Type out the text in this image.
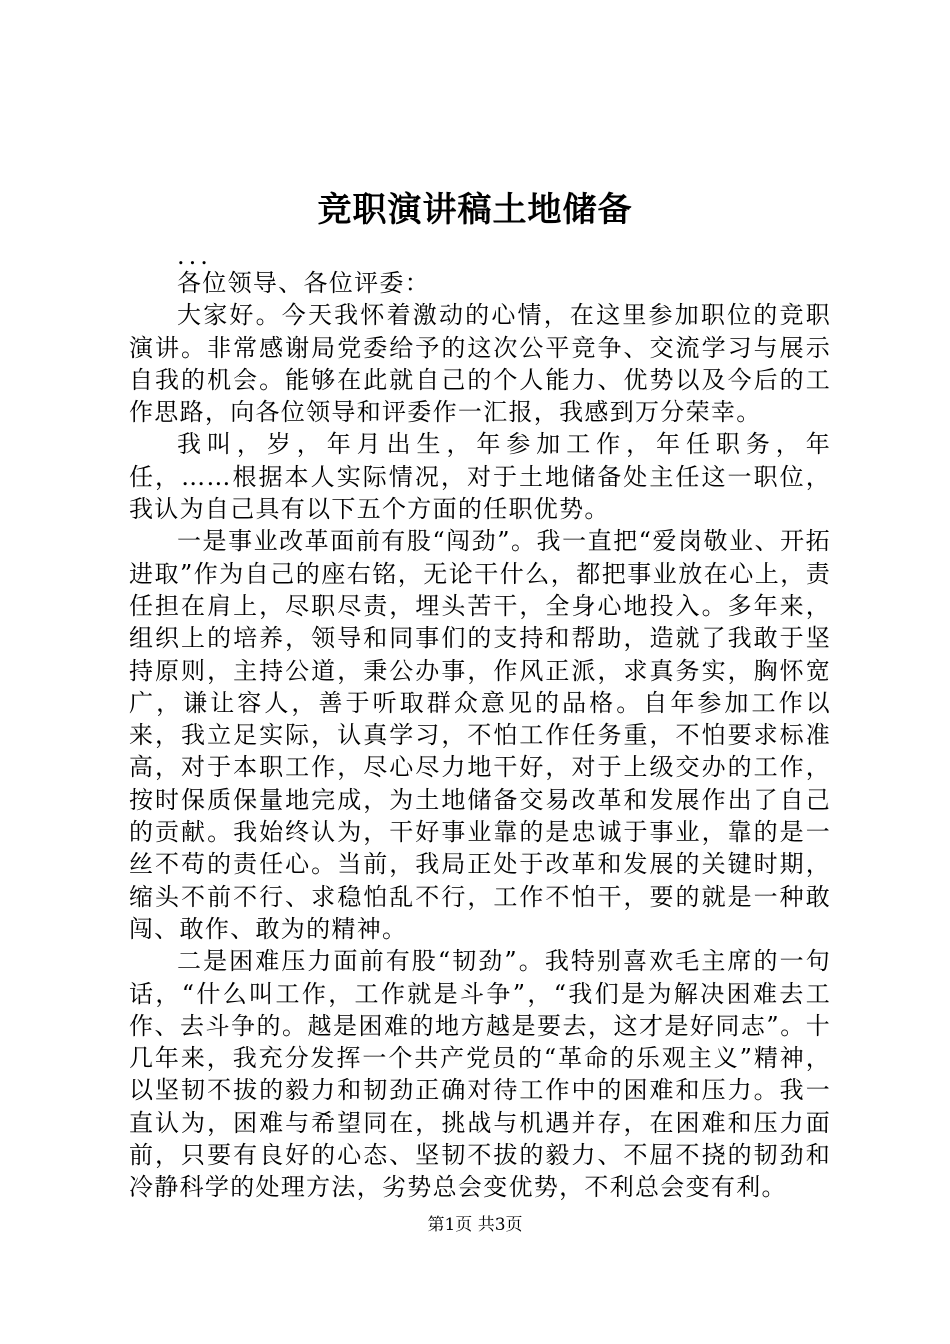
竞职演讲稿土地储备

...

各位领导、各位评委：

大家好。今天我怀着激动的心情，在这里参加职位的竞职演讲。非常感谢局党委给予的这次公平竞争、交流学习与展示自我的机会。能够在此就自己的个人能力、优势以及今后的工作思路，向各位领导和评委作一汇报，我感到万分荣幸。

我叫，岁，年月出生，年参加工作，年任职务，年任，……根据本人实际情况，对于土地储备处主任这一职位，我认为自己具有以下五个方面的任职优势。

一是事业改革面前有股“闯劲”。我一直把“爱岗敬业、开拓进取”作为自己的座右铭，无论干什么，都把事业放在心上，责任担在肩上，尽职尽责，埋头苦干，全身心地投入。多年来，组织上的培养，领导和同事们的支持和帮助，造就了我敢于坚持原则，主持公道，秉公办事，作风正派，求真务实，胸怀宽广，谦让容人，善于听取群众意见的品格。自年参加工作以来，我立足实际，认真学习，不怕工作任务重，不怕要求标准高，对于本职工作，尽心尽力地干好，对于上级交办的工作，按时保质保量地完成，为土地储备交易改革和发展作出了自己的贡献。我始终认为，干好事业靠的是忠诚于事业，靠的是一丝不苟的责任心。当前，我局正处于改革和发展的关键时期，缩头不前不行、求稳怕乱不行，工作不怕干，要的就是一种敢闯、敢作、敢为的精神。

二是困难压力面前有股“韧劲”。我特别喜欢毛主席的一句话，“什么叫工作，工作就是斗争”，“我们是为解决困难去工作、去斗争的。越是困难的地方越是要去，这才是好同志”。十几年来，我充分发挥一个共产党员的“革命的乐观主义”精神，以坚韧不拔的毅力和韧劲正确对待工作中的困难和压力。我一直认为，困难与希望同在，挑战与机遇并存，在困难和压力面前，只要有良好的心态、坚韧不拔的毅力、不屈不挠的韧劲和冷静科学的处理方法，劣势总会变优势，不利总会变有利。

第1页 共3页
